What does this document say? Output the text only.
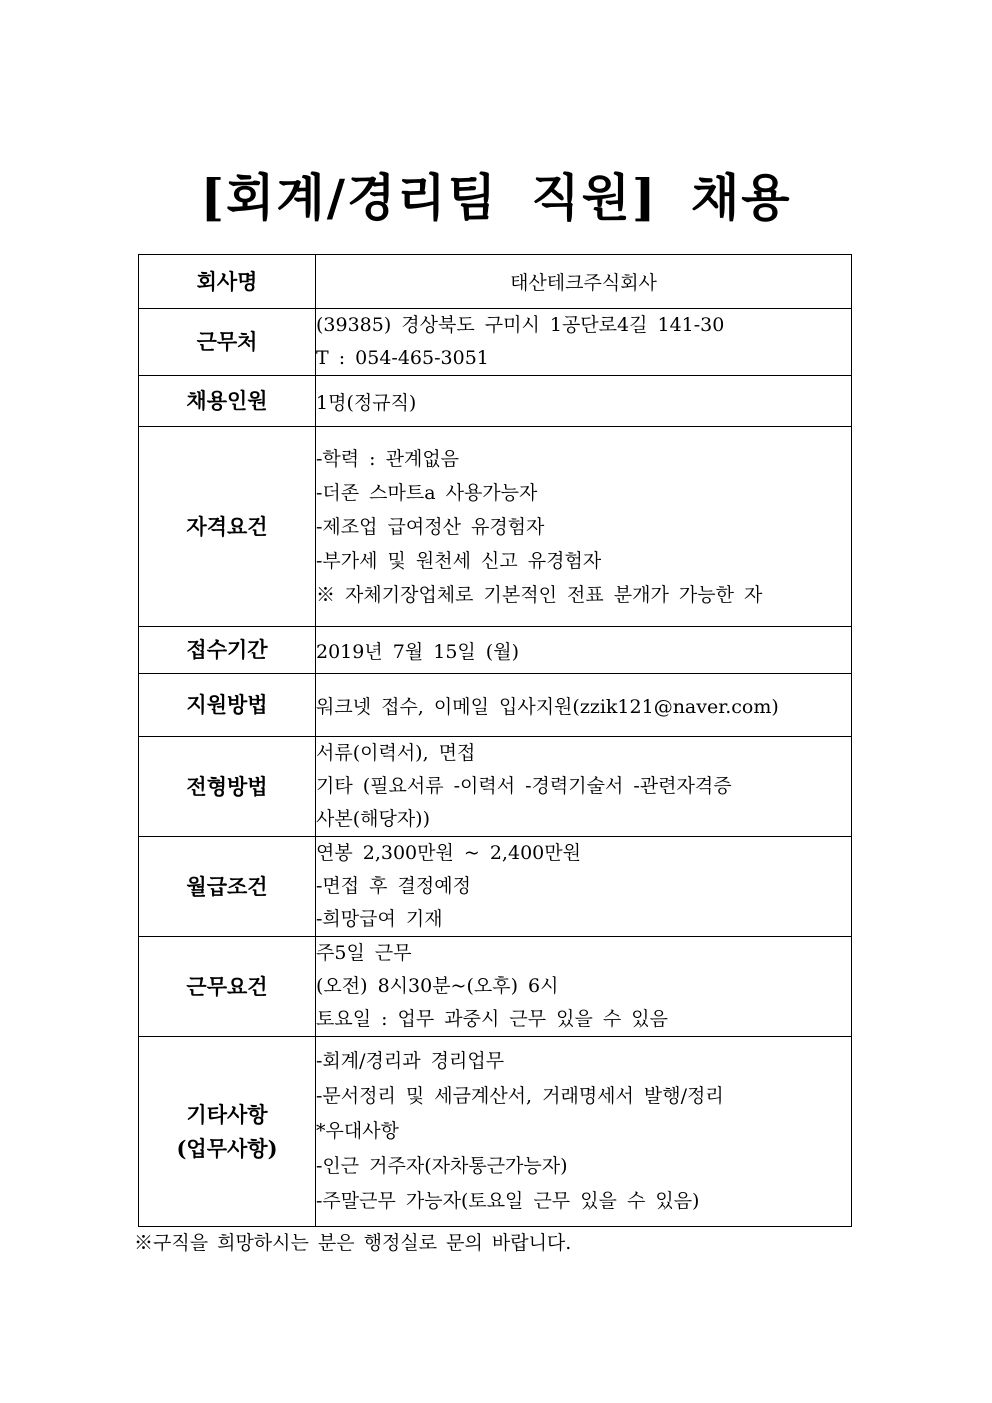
[회계/경리팀 직원] 채용
회사명	태산테크주식회사

근무처	(39385) 경상북도 구미시 1공단로4길 141-30
T : 054-465-3051

채용인원	1명(정규직)

자격요건	-학력 : 관계없음
-더존 스마트a 사용가능자
-제조업 급여정산 유경험자
-부가세 및 원천세 신고 유경험자
※ 자체기장업체로 기본적인 전표 분개가 가능한 자

접수기간	2019년 7월 15일 (월)

지원방법	워크넷 접수, 이메일 입사지원(zzik121@naver.com)

전형방법	서류(이력서), 면접
기타 (필요서류 -이력서 -경력기술서 -관련자격증
사본(해당자))

월급조건	연봉 2,300만원 ~ 2,400만원
-면접 후 결정예정
-희망급여 기재

근무요건	주5일 근무
(오전) 8시30분~(오후) 6시
토요일 : 업무 과중시 근무 있을 수 있음

기타사항
(업무사항)	-회계/경리과 경리업무
-문서정리 및 세금계산서, 거래명세서 발행/정리
*우대사항
-인근 거주자(자차통근가능자)
-주말근무 가능자(토요일 근무 있을 수 있음)
※구직을 희망하시는 분은 행정실로 문의 바랍니다.
